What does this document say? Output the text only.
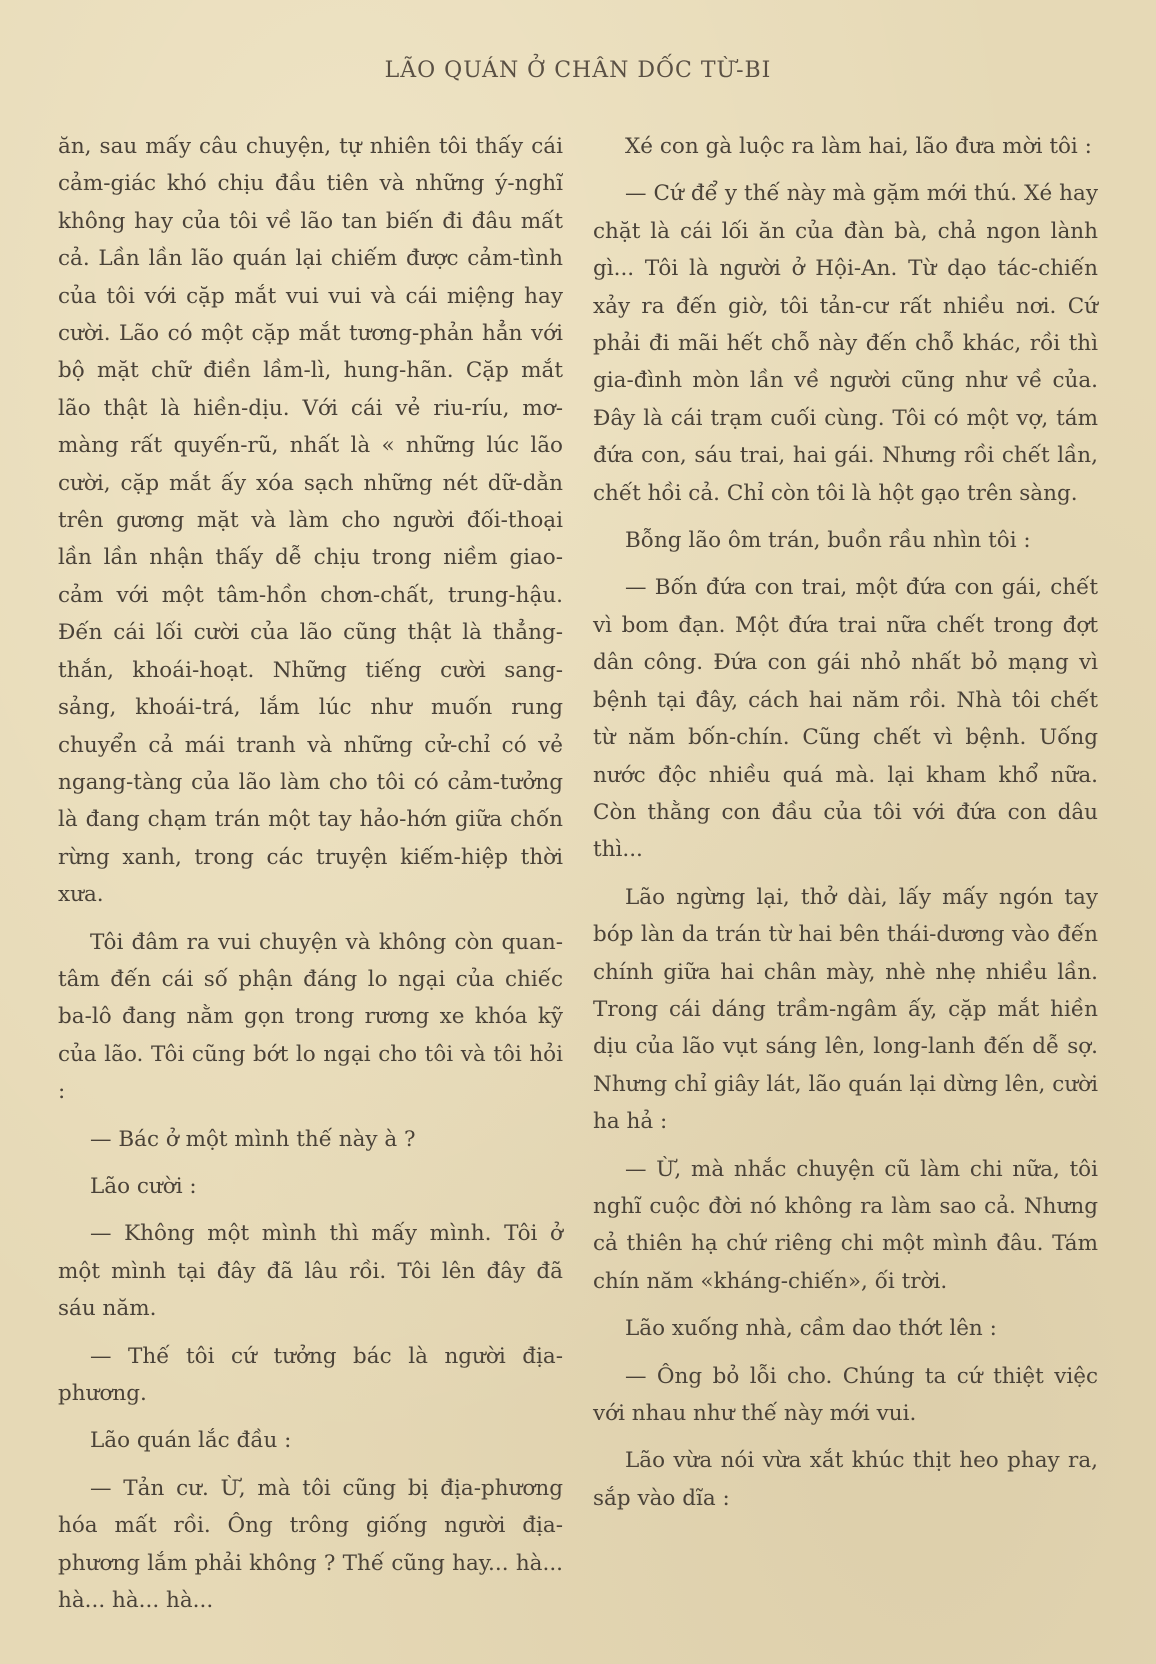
LÃO QUÁN Ở CHÂN DỐC TỪ-BI

ăn, sau mấy câu chuyện, tự nhiên tôi thấy cái cảm-giác khó chịu đầu tiên và những ý-nghĩ không hay của tôi về lão tan biến đi đâu mất cả. Lần lần lão quán lại chiếm được cảm-tình của tôi với cặp mắt vui vui và cái miệng hay cười. Lão có một cặp mắt tương-phản hẳn với bộ mặt chữ điền lầm-lì, hung-hãn. Cặp mắt lão thật là hiền-dịu. Với cái vẻ riu-ríu, mơ-màng rất quyến-rũ, nhất là « những lúc lão cười, cặp mắt ấy xóa sạch những nét dữ-dằn trên gương mặt và làm cho người đối-thoại lần lần nhận thấy dễ chịu trong niềm giao-cảm với một tâm-hồn chơn-chất, trung-hậu. Đến cái lối cười của lão cũng thật là thẳng-thắn, khoái-hoạt. Những tiếng cười sang-sảng, khoái-trá, lắm lúc như muốn rung chuyển cả mái tranh và những cử-chỉ có vẻ ngang-tàng của lão làm cho tôi có cảm-tưởng là đang chạm trán một tay hảo-hớn giữa chốn rừng xanh, trong các truyện kiếm-hiệp thời xưa.

Tôi đâm ra vui chuyện và không còn quan-tâm đến cái số phận đáng lo ngại của chiếc ba-lô đang nằm gọn trong rương xe khóa kỹ của lão. Tôi cũng bớt lo ngại cho tôi và tôi hỏi :

— Bác ở một mình thế này à ?

Lão cười :

— Không một mình thì mấy mình. Tôi ở một mình tại đây đã lâu rồi. Tôi lên đây đã sáu năm.

— Thế tôi cứ tưởng bác là người địa-phương.

Lão quán lắc đầu :

— Tản cư. Ừ, mà tôi cũng bị địa-phương hóa mất rồi. Ông trông giống người địa-phương lắm phải không ? Thế cũng hay... hà... hà... hà... hà...

Xé con gà luộc ra làm hai, lão đưa mời tôi :

— Cứ để y thế này mà gặm mới thú. Xé hay chặt là cái lối ăn của đàn bà, chả ngon lành gì... Tôi là người ở Hội-An. Từ dạo tác-chiến xảy ra đến giờ, tôi tản-cư rất nhiều nơi. Cứ phải đi mãi hết chỗ này đến chỗ khác, rồi thì gia-đình mòn lần về người cũng như về của. Đây là cái trạm cuối cùng. Tôi có một vợ, tám đứa con, sáu trai, hai gái. Nhưng rồi chết lần, chết hồi cả. Chỉ còn tôi là hột gạo trên sàng.

Bỗng lão ôm trán, buồn rầu nhìn tôi :

— Bốn đứa con trai, một đứa con gái, chết vì bom đạn. Một đứa trai nữa chết trong đợt dân công. Đứa con gái nhỏ nhất bỏ mạng vì bệnh tại đây, cách hai năm rồi. Nhà tôi chết từ năm bốn-chín. Cũng chết vì bệnh. Uống nước độc nhiều quá mà. lại kham khổ nữa. Còn thằng con đầu của tôi với đứa con dâu thì...

Lão ngừng lại, thở dài, lấy mấy ngón tay bóp làn da trán từ hai bên thái-dương vào đến chính giữa hai chân mày, nhè nhẹ nhiều lần. Trong cái dáng trầm-ngâm ấy, cặp mắt hiền dịu của lão vụt sáng lên, long-lanh đến dễ sợ. Nhưng chỉ giây lát, lão quán lại dừng lên, cười ha hả :

— Ừ, mà nhắc chuyện cũ làm chi nữa, tôi nghĩ cuộc đời nó không ra làm sao cả. Nhưng cả thiên hạ chứ riêng chi một mình đâu. Tám chín năm «kháng-chiến», ối trời.

Lão xuống nhà, cầm dao thớt lên :

— Ông bỏ lỗi cho. Chúng ta cứ thiệt việc với nhau như thế này mới vui.

Lão vừa nói vừa xắt khúc thịt heo phay ra, sắp vào dĩa :
